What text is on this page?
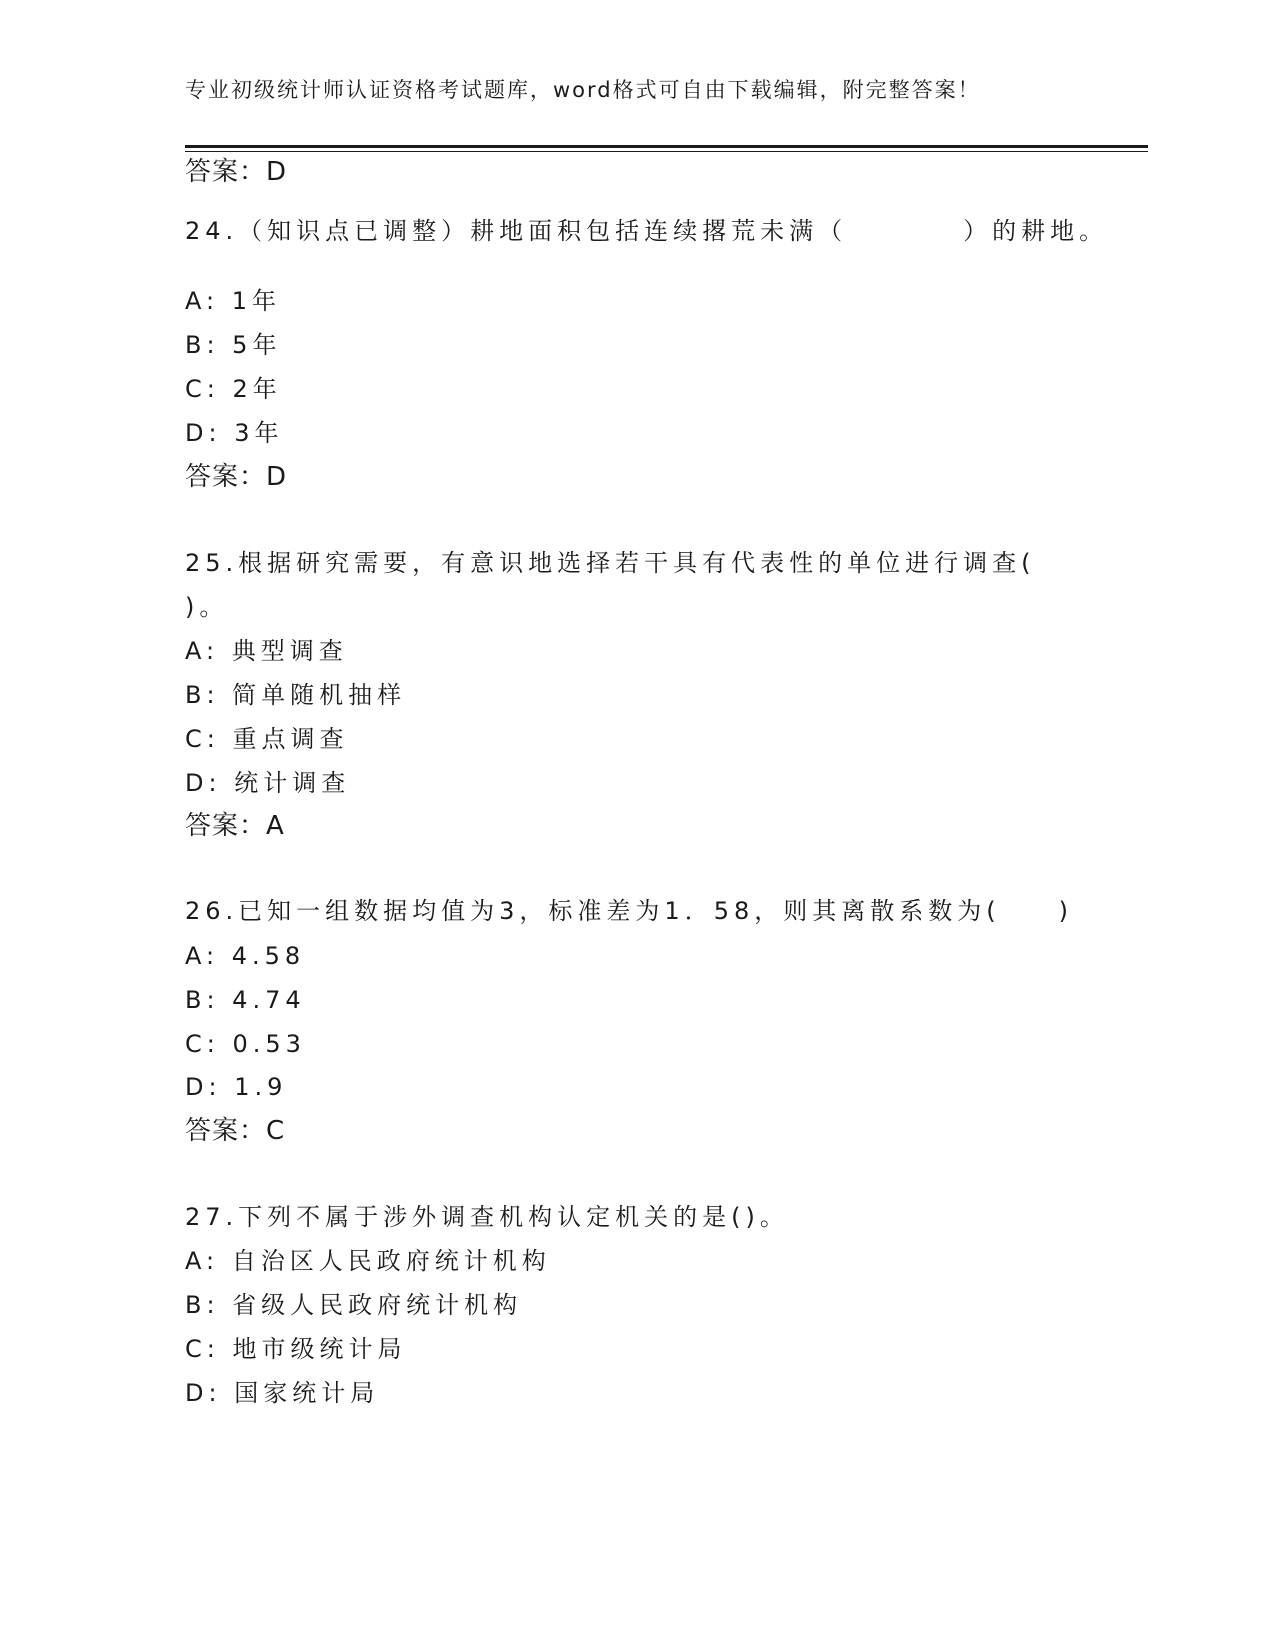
专业初级统计师认证资格考试题库，word格式可自由下载编辑，附完整答案！
答案：D
24.（知识点已调整）耕地面积包括连续撂荒未满（　　　　）的耕地。
A: 1年
B: 5年
C: 2年
D: 3年
答案：D
25.根据研究需要，有意识地选择若干具有代表性的单位进行调查(
)。
A: 典型调查
B: 简单随机抽样
C: 重点调查
D: 统计调查
答案：A
26.已知一组数据均值为3，标准差为1．58，则其离散系数为(　　)
A: 4.58
B: 4.74
C: 0.53
D: 1.9
答案：C
27.下列不属于涉外调查机构认定机关的是()。
A: 自治区人民政府统计机构
B: 省级人民政府统计机构
C: 地市级统计局
D: 国家统计局
